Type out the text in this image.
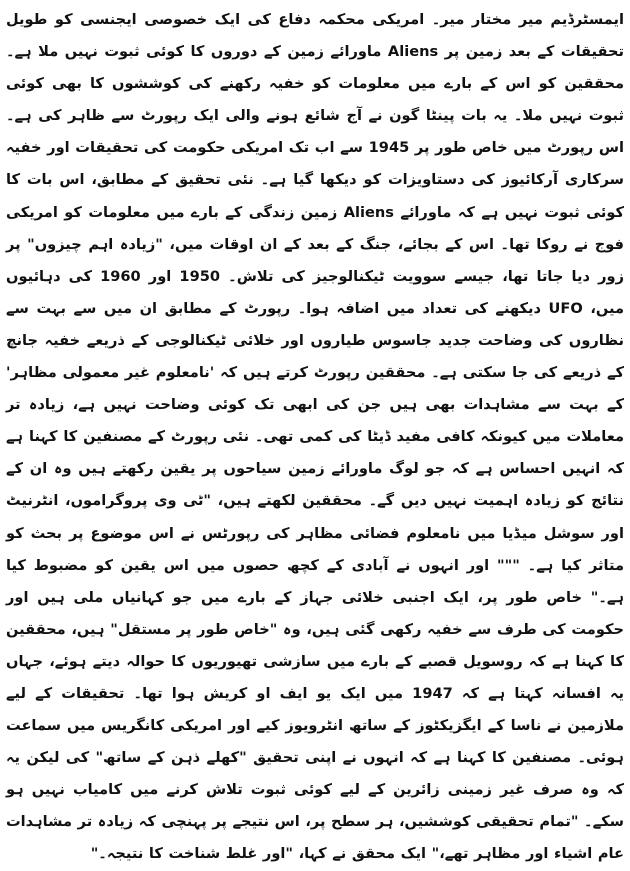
ایمسٹرڈیم میر مختار میر۔ امریکی محکمہ دفاع کی ایک خصوصی ایجنسی کو طویل تحقیقات کے بعد زمین پر Aliens ماورائے زمین کے دوروں کا کوئی ثبوت نہیں ملا ہے۔ محققین کو اس کے بارے میں معلومات کو خفیہ رکھنے کی کوششوں کا بھی کوئی ثبوت نہیں ملا۔ یہ بات پینٹا گون نے آج شائع ہونے والی ایک رپورٹ سے ظاہر کی ہے۔ اس رپورٹ میں خاص طور پر 1945 سے اب تک امریکی حکومت کی تحقیقات اور خفیہ سرکاری آرکائیوز کی دستاویزات کو دیکھا گیا ہے۔ نئی تحقیق کے مطابق، اس بات کا کوئی ثبوت نہیں ہے کہ ماورائے Aliens زمین زندگی کے بارے میں معلومات کو امریکی فوج نے روکا تھا۔ اس کے بجائے، جنگ کے بعد کے ان اوقات میں، "زیادہ اہم چیزوں" پر زور دیا جاتا تھا، جیسے سوویت ٹیکنالوجیز کی تلاش۔ 1950 اور 1960 کی دہائیوں میں، UFO دیکھنے کی تعداد میں اضافہ ہوا۔ رپورٹ کے مطابق ان میں سے بہت سے نظاروں کی وضاحت جدید جاسوس طیاروں اور خلائی ٹیکنالوجی کے ذریعے خفیہ جانچ کے ذریعے کی جا سکتی ہے۔ محققین رپورٹ کرتے ہیں کہ 'نامعلوم غیر معمولی مظاہر' کے بہت سے مشاہدات بھی ہیں جن کی ابھی تک کوئی وضاحت نہیں ہے، زیادہ تر معاملات میں کیونکہ کافی مفید ڈیٹا کی کمی تھی۔ نئی رپورٹ کے مصنفین کا کہنا ہے کہ انہیں احساس ہے کہ جو لوگ ماورائے زمین سیاحوں پر یقین رکھتے ہیں وہ ان کے نتائج کو زیادہ اہمیت نہیں دیں گے۔ محققین لکھتے ہیں، "ٹی وی پروگراموں، انٹرنیٹ اور سوشل میڈیا میں نامعلوم فضائی مظاہر کی رپورٹس نے اس موضوع پر بحث کو متاثر کیا ہے۔ """ اور انہوں نے آبادی کے کچھ حصوں میں اس یقین کو مضبوط کیا ہے۔" خاص طور پر، ایک اجنبی خلائی جہاز کے بارے میں جو کہانیاں ملی ہیں اور حکومت کی طرف سے خفیہ رکھی گئی ہیں، وہ "خاص طور پر مستقل" ہیں، محققین کا کہنا ہے کہ روسویل قصبے کے بارے میں سازشی تھیوریوں کا حوالہ دیتے ہوئے، جہاں یہ افسانہ کہتا ہے کہ 1947 میں ایک یو ایف او کریش ہوا تھا۔ تحقیقات کے لیے ملازمین نے ناسا کے ایگزیکٹوز کے ساتھ انٹرویوز کیے اور امریکی کانگریس میں سماعت ہوئی۔ مصنفین کا کہنا ہے کہ انہوں نے اپنی تحقیق "کھلے ذہن کے ساتھ" کی لیکن یہ کہ وہ صرف غیر زمینی زائرین کے لیے کوئی ثبوت تلاش کرنے میں کامیاب نہیں ہو سکے۔ "تمام تحقیقی کوششیں، ہر سطح پر، اس نتیجے پر پہنچی کہ زیادہ تر مشاہدات عام اشیاء اور مظاہر تھے،" ایک محقق نے کہا، "اور غلط شناخت کا نتیجہ۔"
